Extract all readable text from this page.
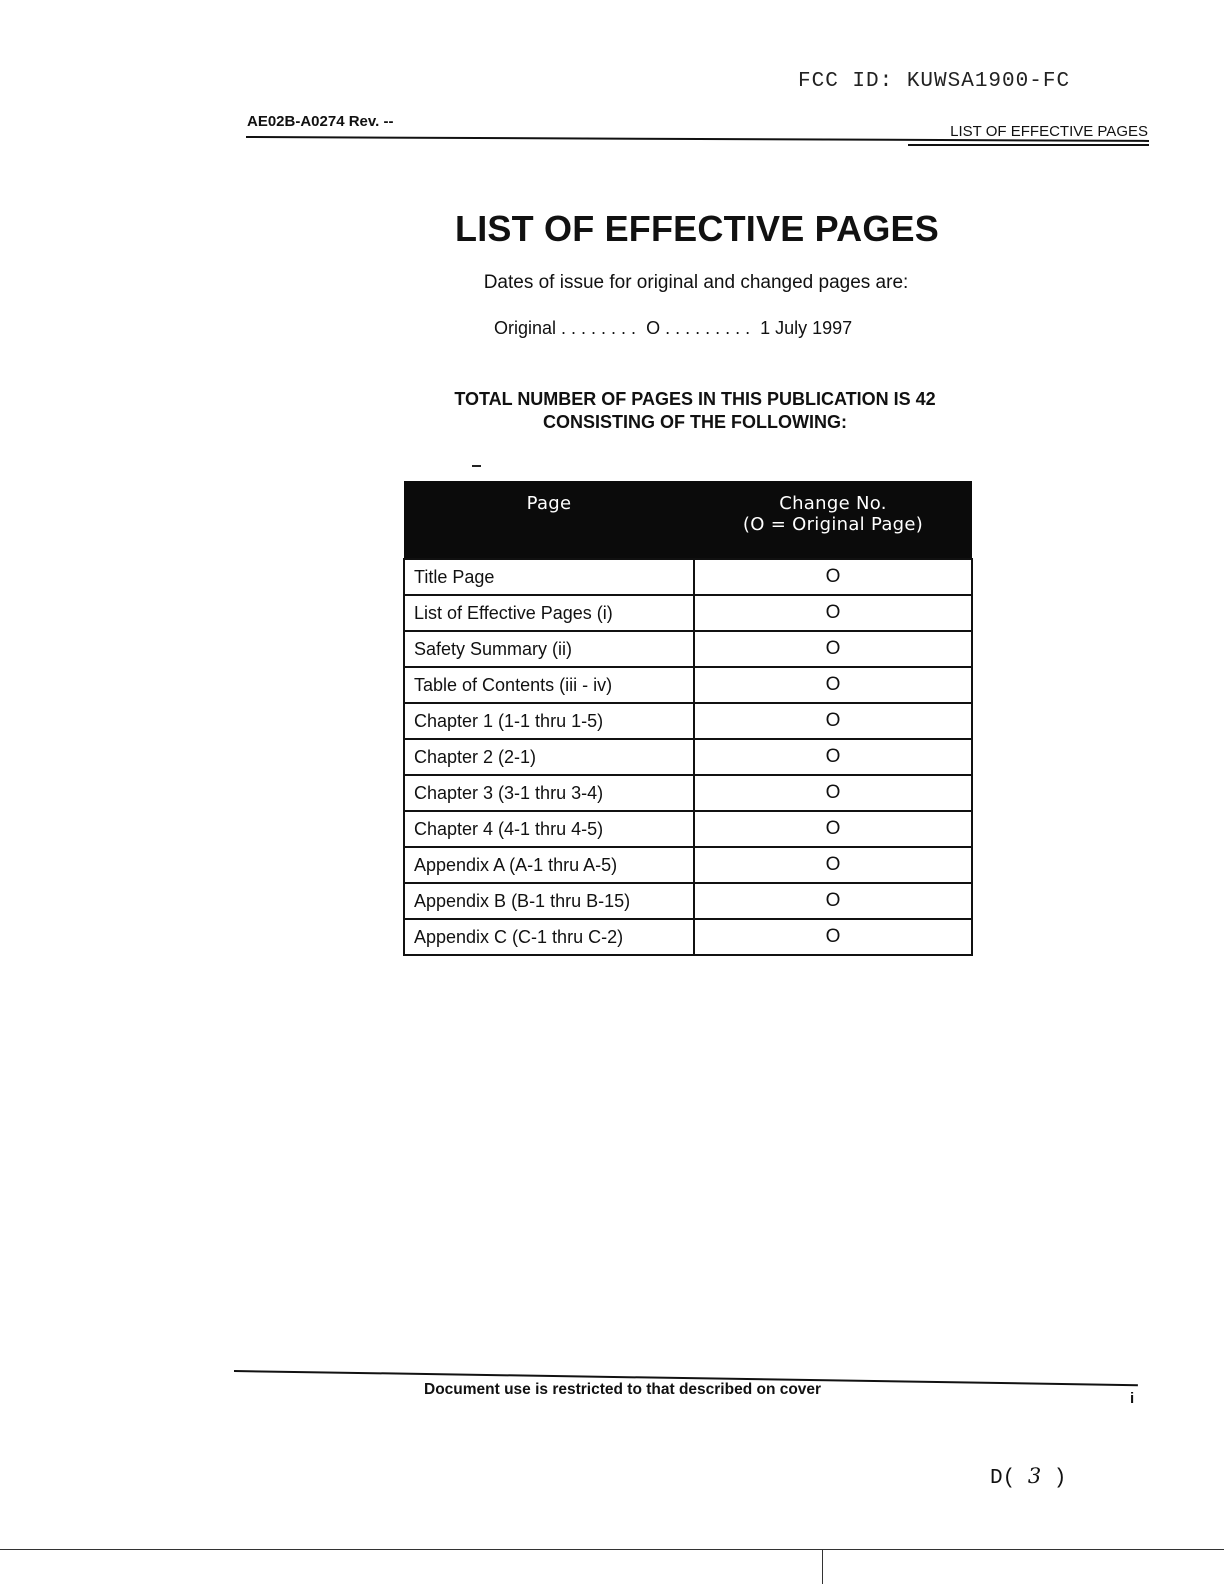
FCC ID: KUWSA1900-FC
AE02B-A0274 Rev. --
LIST OF EFFECTIVE PAGES
LIST OF EFFECTIVE PAGES
Dates of issue for original and changed pages are:
Original . . . . . . . .  O . . . . . . . . .  1 July 1997
TOTAL NUMBER OF PAGES IN THIS PUBLICATION IS 42
CONSISTING OF THE FOLLOWING:
Page	Change No.
(O = Original Page)

Title Page	O
List of Effective Pages (i)	O
Safety Summary (ii)	O
Table of Contents (iii - iv)	O
Chapter 1 (1-1 thru 1-5)	O
Chapter 2 (2-1)	O
Chapter 3 (3-1 thru 3-4)	O
Chapter 4 (4-1 thru 4-5)	O
Appendix A (A-1 thru A-5)	O
Appendix B (B-1 thru B-15)	O
Appendix C (C-1 thru C-2)	O
Document use is restricted to that described on cover
i
D( 3 )
